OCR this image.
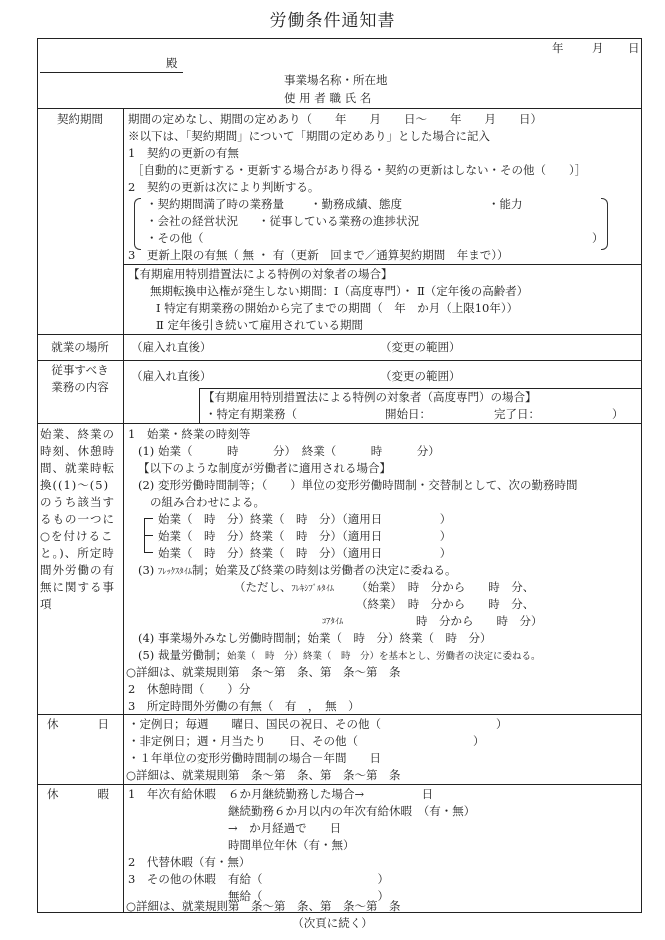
労働条件通知書
年 月 日
殿
事業場名称・所在地
使 用 者 職 氏 名
契約期間	期間の定めなし、期間の定めあり（　　年　　月　　日～　　年　　月　　日）
※以下は、「契約期間」について「期間の定めあり」とした場合に記入
1　契約の更新の有無
［自動的に更新する・更新する場合があり得る・契約の更新はしない・その他（　　）］
2　契約の更新は次により判断する。
・契約期間満了時の業務量 ・勤務成績、態度	・能力
・会社の経営状況 ・従事している業務の進捗状況
・その他（	）
3　更新上限の有無（ 無 ・ 有（更新　回まで／通算契約期間　年まで））
【有期雇用特別措置法による特例の対象者の場合】
無期転換申込権が発生しない期間：Ⅰ（高度専門）・ Ⅱ（定年後の高齢者）
Ⅰ 特定有期業務の開始から完了までの期間（　年　か月（上限10年））
Ⅱ 定年後引き続いて雇用されている期間
就業の場所	（雇入れ直後）	（変更の範囲）
従事すべき
業務の内容
（雇入れ直後）	（変更の範囲）
【有期雇用特別措置法による特例の対象者（高度専門）の場合】
・特定有期業務（	開始日：	完了日：	）
始業、終業の
時刻、休憩時
間、就業時転
換((1)～(5)
のうち該当す
るもの一つに
○を付けるこ
と。)、所定時
間外労働の有
無に関する事
項
1　始業・終業の時刻等
(1) 始業（　　　時　　　分）　終業（　　　時　　　分）
【以下のような制度が労働者に適用される場合】
(2) 変形労働時間制等；（　　）単位の変形労働時間制・交替制として、次の勤務時間
の組み合わせによる。
始業（　時　分）終業（　時　分）（適用日　　　　　）
始業（　時　分）終業（　時　分）（適用日　　　　　）
始業（　時　分）終業（　時　分）（適用日　　　　　）
(3) ﾌﾚｯｸｽﾀｲﾑ制；始業及び終業の時刻は労働者の決定に委ねる。
（ただし、ﾌﾚｷｼﾌﾞﾙﾀｲﾑ （始業）　時　分から　　時　分、
（終業）　時　分から　　時　分、
ｺｱﾀｲﾑ	時　分から　　時　分）
(4) 事業場外みなし労働時間制；始業（　時　分）終業（　時　分）
(5) 裁量労働制；始業（　時　分）終業（　時　分）を基本とし、労働者の決定に委ねる。
○詳細は、就業規則第　条～第　条、第　条～第　条
2　休憩時間（　　）分
3　所定時間外労働の有無（　有　，　無　）
休	日 ・定例日；毎週　　曜日、国民の祝日、その他（　　　　　　　　　　）
・非定例日；週・月当たり　　日、その他（　　　　　　　　　　）
・１年単位の変形労働時間制の場合－年間　　日
○詳細は、就業規則第　条～第　条、第　条～第　条
休	暇 1　年次有給休暇 ６か月継続勤務した場合→　　　　　日
継続勤務６か月以内の年次有給休暇　（有・無）
→　か月経過で　　日
時間単位年休（有・無）
2　代替休暇（有・無）
3　その他の休暇 有給（　　　　　　　　　　）
無給（　　　　　　　　　　）
○詳細は、就業規則第　条～第　条、第　条～第　条
（次頁に続く）
